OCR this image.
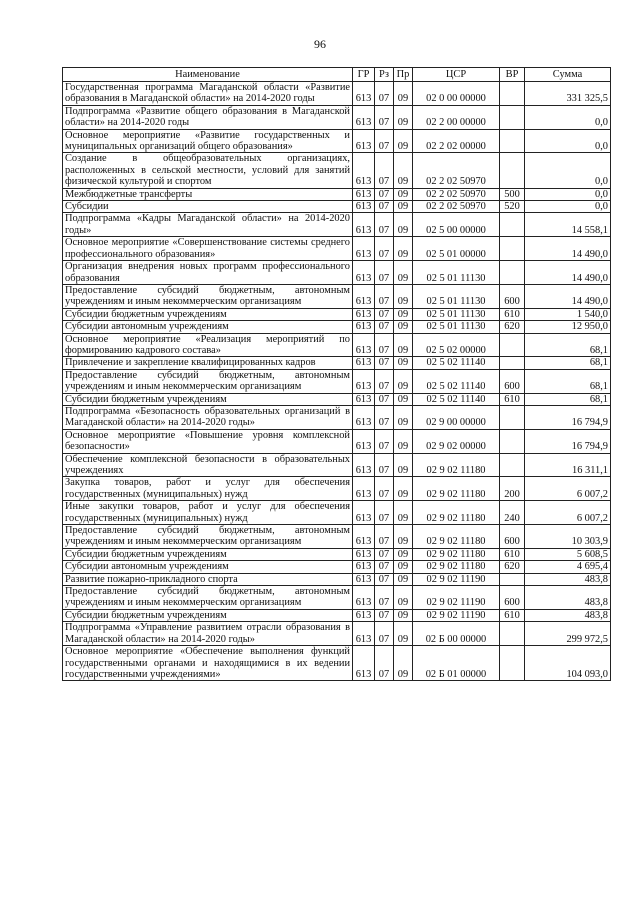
96
Наименование	ГР	Рз	Пр	ЦСР	ВР	Сумма
Государственная программа Магаданской области «Развитие образования в Магаданской области» на 2014-2020 годы	613	07	09	02 0 00 00000		331 325,5
Подпрограмма «Развитие общего образования в Магаданской области» на 2014-2020 годы	613	07	09	02 2 00 00000		0,0
Основное мероприятие «Развитие государственных и муниципальных организаций общего образования»	613	07	09	02 2 02 00000		0,0
Создание в общеобразовательных организациях, расположенных в сельской местности, условий для занятий физической культурой и спортом	613	07	09	02 2 02 50970		0,0
Межбюджетные трансферты	613	07	09	02 2 02 50970	500	0,0
Субсидии	613	07	09	02 2 02 50970	520	0,0
Подпрограмма «Кадры Магаданской области» на 2014-2020 годы»	613	07	09	02 5 00 00000		14 558,1
Основное мероприятие «Совершенствование системы среднего профессионального образования»	613	07	09	02 5 01 00000		14 490,0
Организация внедрения новых программ профессионального образования	613	07	09	02 5 01 11130		14 490,0
Предоставление субсидий бюджетным, автономным учреждениям и иным некоммерческим организациям	613	07	09	02 5 01 11130	600	14 490,0
Субсидии бюджетным учреждениям	613	07	09	02 5 01 11130	610	1 540,0
Субсидии автономным учреждениям	613	07	09	02 5 01 11130	620	12 950,0
Основное мероприятие «Реализация мероприятий по формированию кадрового состава»	613	07	09	02 5 02 00000		68,1
Привлечение и закрепление квалифицированных кадров	613	07	09	02 5 02 11140		68,1
Предоставление субсидий бюджетным, автономным учреждениям и иным некоммерческим организациям	613	07	09	02 5 02 11140	600	68,1
Субсидии бюджетным учреждениям	613	07	09	02 5 02 11140	610	68,1
Подпрограмма «Безопасность образовательных организаций в Магаданской области» на 2014-2020 годы»	613	07	09	02 9 00 00000		16 794,9
Основное мероприятие «Повышение уровня комплексной безопасности»	613	07	09	02 9 02 00000		16 794,9
Обеспечение комплексной безопасности в образовательных учреждениях	613	07	09	02 9 02 11180		16 311,1
Закупка товаров, работ и услуг для обеспечения государственных (муниципальных) нужд	613	07	09	02 9 02 11180	200	6 007,2
Иные закупки товаров, работ и услуг для обеспечения государственных (муниципальных) нужд	613	07	09	02 9 02 11180	240	6 007,2
Предоставление субсидий бюджетным, автономным учреждениям и иным некоммерческим организациям	613	07	09	02 9 02 11180	600	10 303,9
Субсидии бюджетным учреждениям	613	07	09	02 9 02 11180	610	5 608,5
Субсидии автономным учреждениям	613	07	09	02 9 02 11180	620	4 695,4
Развитие пожарно-прикладного спорта	613	07	09	02 9 02 11190		483,8
Предоставление субсидий бюджетным, автономным учреждениям и иным некоммерческим организациям	613	07	09	02 9 02 11190	600	483,8
Субсидии бюджетным учреждениям	613	07	09	02 9 02 11190	610	483,8
Подпрограмма «Управление развитием отрасли образования в Магаданской области» на 2014-2020 годы»	613	07	09	02 Б 00 00000		299 972,5
Основное мероприятие «Обеспечение выполнения функций государственными органами и находящимися в их ведении государственными учреждениями»	613	07	09	02 Б 01 00000		104 093,0
